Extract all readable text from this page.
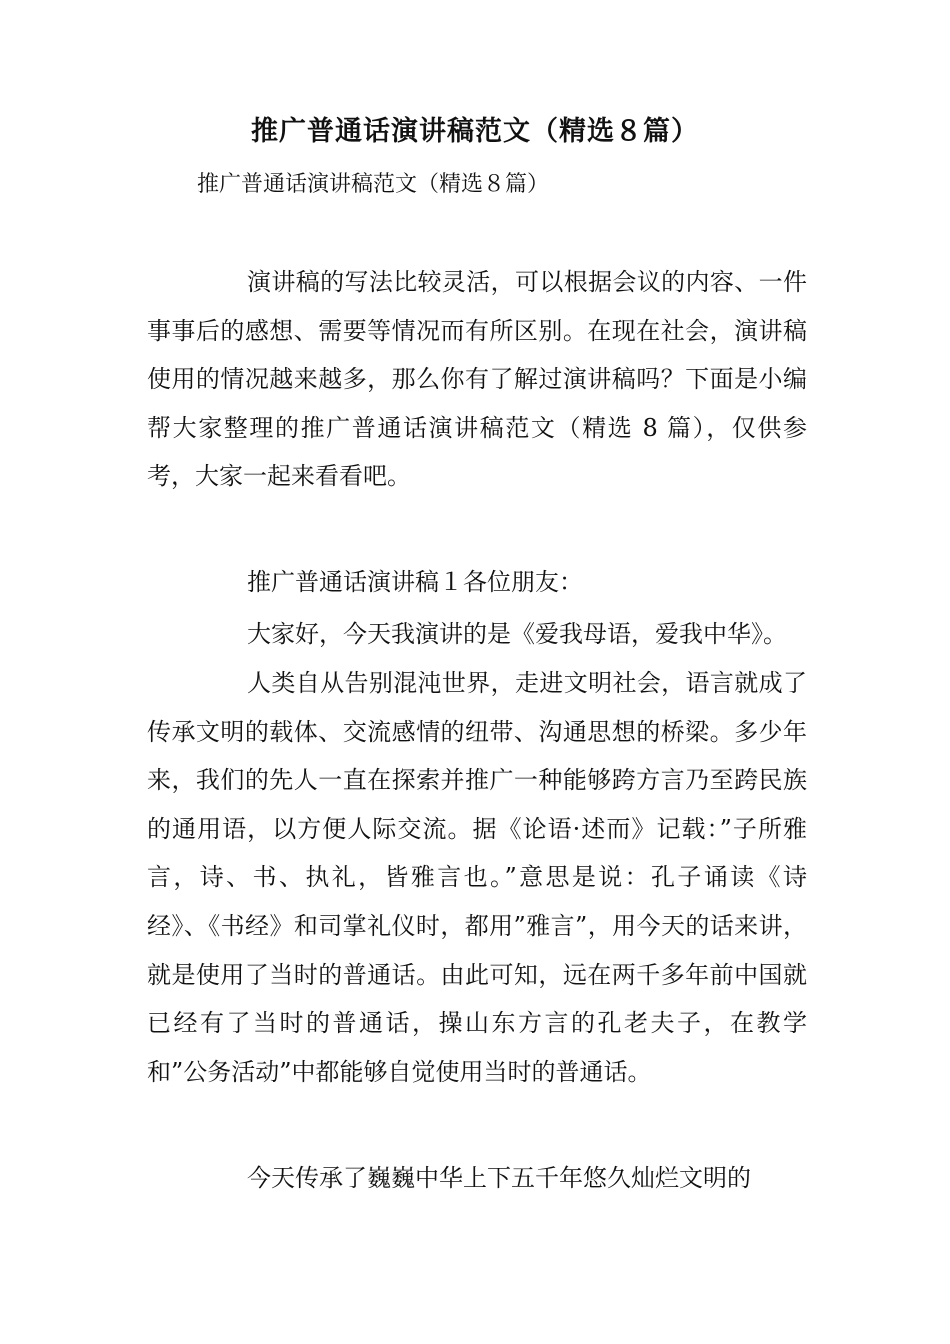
推广普通话演讲稿范文（精选８篇）
推广普通话演讲稿范文（精选８篇）

演讲稿的写法比较灵活，可以根据会议的内容、一件事事后的感想、需要等情况而有所区别。在现在社会，演讲稿使用的情况越来越多，那么你有了解过演讲稿吗？下面是小编帮大家整理的推广普通话演讲稿范文（精选 8 篇），仅供参考，大家一起来看看吧。

推广普通话演讲稿１各位朋友：

大家好，今天我演讲的是《爱我母语，爱我中华》。

人类自从告别混沌世界，走进文明社会，语言就成了传承文明的载体、交流感情的纽带、沟通思想的桥梁。多少年来，我们的先人一直在探索并推广一种能够跨方言乃至跨民族的通用语，以方便人际交流。据《论语·述而》记载：”子所雅言，诗、书、执礼，皆雅言也。”意思是说：孔子诵读《诗经》、《书经》和司掌礼仪时，都用”雅言”，用今天的话来讲，就是使用了当时的普通话。由此可知，远在两千多年前中国就已经有了当时的普通话，操山东方言的孔老夫子，在教学和”公务活动”中都能够自觉使用当时的普通话。

今天传承了巍巍中华上下五千年悠久灿烂文明的
